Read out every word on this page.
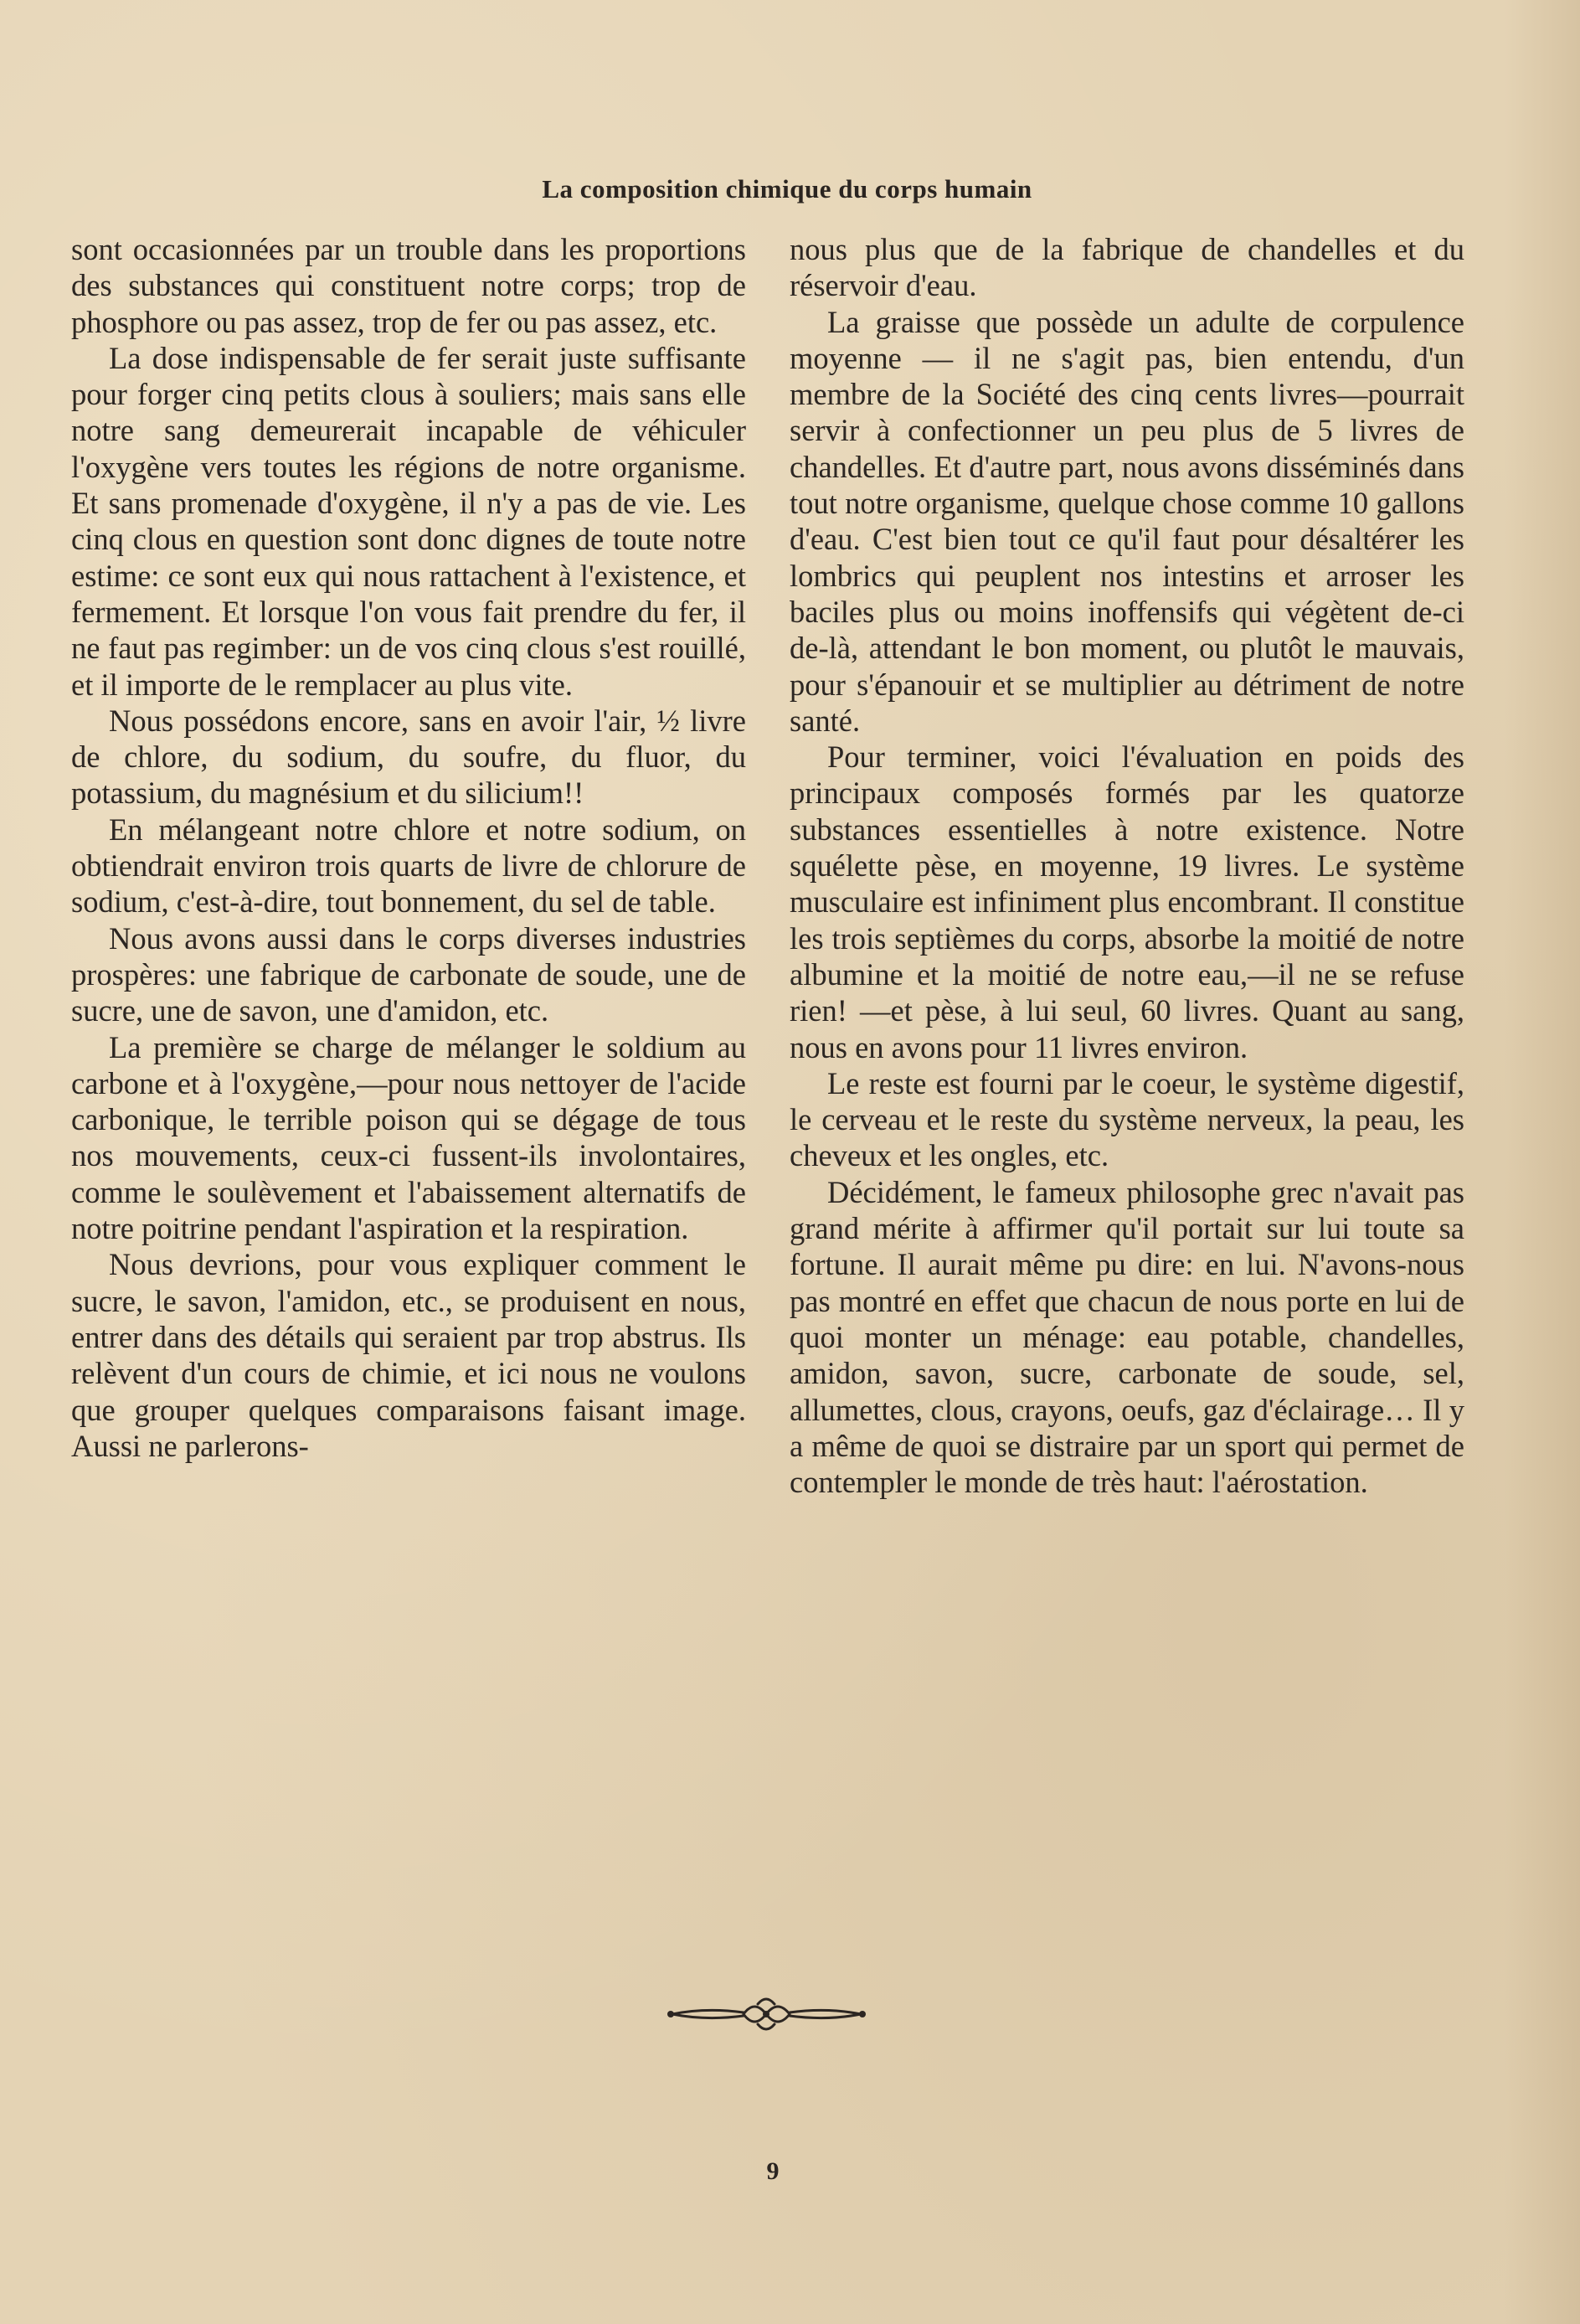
La composition chimique du corps humain

sont occasionnées par un trouble dans les proportions des substances qui constituent notre corps; trop de phosphore ou pas assez, trop de fer ou pas assez, etc.

La dose indispensable de fer serait juste suffisante pour forger cinq petits clous à souliers; mais sans elle notre sang demeurerait incapable de véhiculer l'oxygène vers toutes les régions de notre organisme. Et sans promenade d'oxygène, il n'y a pas de vie. Les cinq clous en question sont donc dignes de toute notre estime: ce sont eux qui nous rattachent à l'existence, et fermement. Et lorsque l'on vous fait prendre du fer, il ne faut pas regimber: un de vos cinq clous s'est rouillé, et il importe de le remplacer au plus vite.

Nous possédons encore, sans en avoir l'air, ½ livre de chlore, du sodium, du soufre, du fluor, du potassium, du magnésium et du silicium!!

En mélangeant notre chlore et notre sodium, on obtiendrait environ trois quarts de livre de chlorure de sodium, c'est-à-dire, tout bonnement, du sel de table.

Nous avons aussi dans le corps diverses industries prospères: une fabrique de carbonate de soude, une de sucre, une de savon, une d'amidon, etc.

La première se charge de mélanger le soldium au carbone et à l'oxygène,—pour nous nettoyer de l'acide carbonique, le terrible poison qui se dégage de tous nos mouvements, ceux-ci fussent-ils involontaires, comme le soulèvement et l'abaissement alternatifs de notre poitrine pendant l'aspiration et la respiration.

Nous devrions, pour vous expliquer comment le sucre, le savon, l'amidon, etc., se produisent en nous, entrer dans des détails qui seraient par trop abstrus. Ils relèvent d'un cours de chimie, et ici nous ne voulons que grouper quelques comparaisons faisant image. Aussi ne parlerons-

nous plus que de la fabrique de chandelles et du réservoir d'eau.

La graisse que possède un adulte de corpulence moyenne — il ne s'agit pas, bien entendu, d'un membre de la Société des cinq cents livres—pourrait servir à confectionner un peu plus de 5 livres de chandelles. Et d'autre part, nous avons disséminés dans tout notre organisme, quelque chose comme 10 gallons d'eau. C'est bien tout ce qu'il faut pour désaltérer les lombrics qui peuplent nos intestins et arroser les baciles plus ou moins inoffensifs qui végètent de-ci de-là, attendant le bon moment, ou plutôt le mauvais, pour s'épanouir et se multiplier au détriment de notre santé.

Pour terminer, voici l'évaluation en poids des principaux composés formés par les quatorze substances essentielles à notre existence. Notre squélette pèse, en moyenne, 19 livres. Le système musculaire est infiniment plus encombrant. Il constitue les trois septièmes du corps, absorbe la moitié de notre albumine et la moitié de notre eau,—il ne se refuse rien! —et pèse, à lui seul, 60 livres. Quant au sang, nous en avons pour 11 livres environ.

Le reste est fourni par le coeur, le système digestif, le cerveau et le reste du système nerveux, la peau, les cheveux et les ongles, etc.

Décidément, le fameux philosophe grec n'avait pas grand mérite à affirmer qu'il portait sur lui toute sa fortune. Il aurait même pu dire: en lui. N'avons-nous pas montré en effet que chacun de nous porte en lui de quoi monter un ménage: eau potable, chandelles, amidon, savon, sucre, carbonate de soude, sel, allumettes, clous, crayons, oeufs, gaz d'éclairage… Il y a même de quoi se distraire par un sport qui permet de contempler le monde de très haut: l'aérostation.

9
